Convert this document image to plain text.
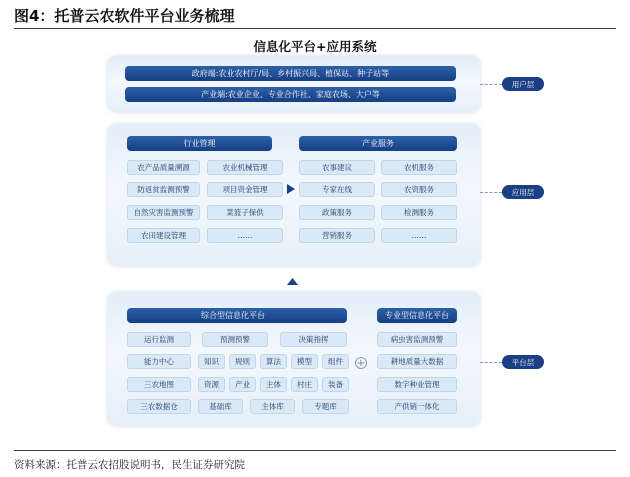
图4：托普云农软件平台业务梳理
信息化平台+应用系统
政府端:农业农村厅/局、乡村振兴局、植保站、种子站等
产业端:农业企业、专业合作社、家庭农场、大户等
用户层
行业管理
农产品质量溯源	农业机械管理
防返贫监测预警	项目资金管理
自然灾害监测预警	菜篮子保供
农田建设管理	……
产业服务
农事建议	农机服务
专家在线	农资服务
政策服务	检测服务
营销服务	……
应用层
综合型信息化平台
运行监测	预测预警	决策指挥
能力中心	知识	规则	算法	模型	组件
三农地图	资源	产业	主体	村庄	装备
三农数据仓	基础库	主体库	专题库
+
专业型信息化平台
病虫害监测预警
耕地质量大数据
数字种业管理
产供销一体化
平台层
资料来源：托普云农招股说明书，民生证券研究院
